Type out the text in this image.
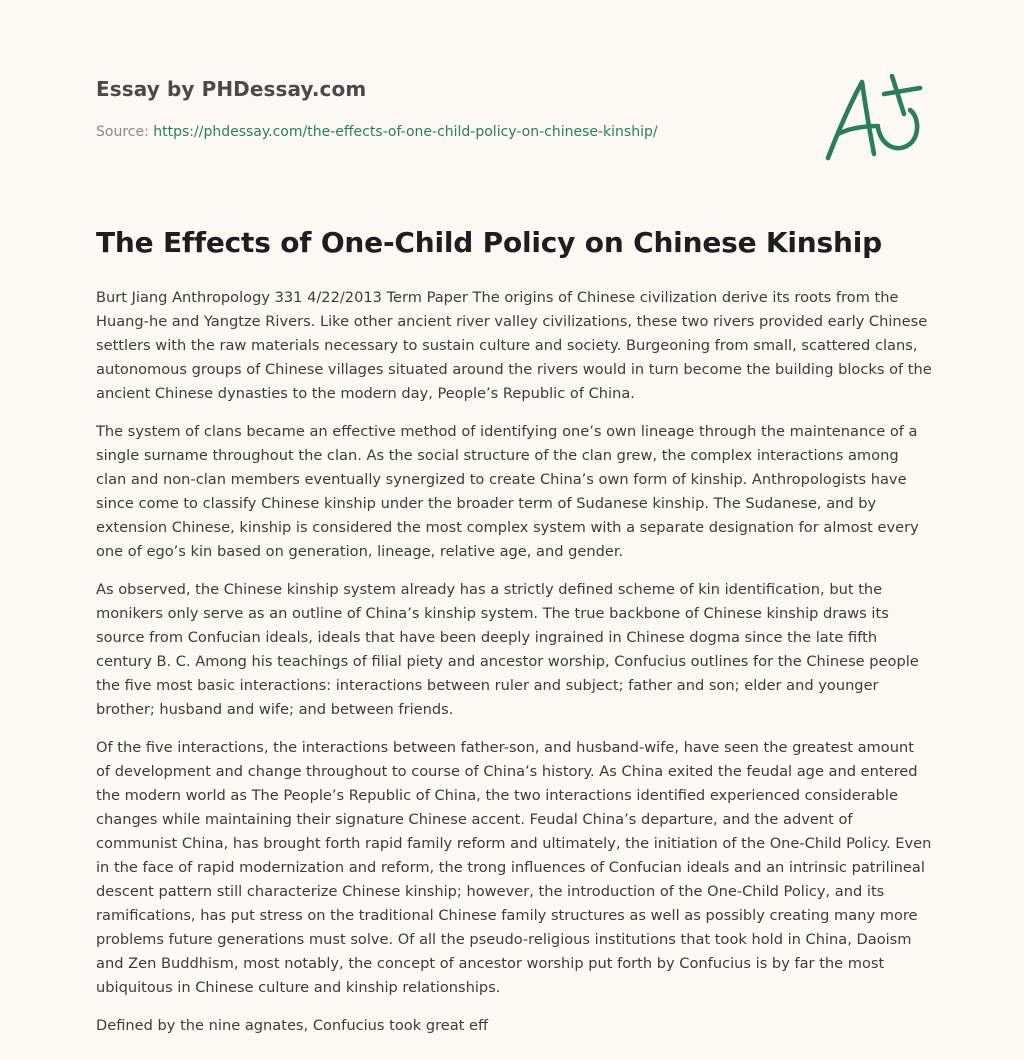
Essay by PHDessay.com

Source: https://phdessay.com/the-effects-of-one-child-policy-on-chinese-kinship/

The Effects of One-Child Policy on Chinese Kinship

Burt Jiang Anthropology 331 4/22/2013 Term Paper The origins of Chinese civilization derive its roots from the Huang-he and Yangtze Rivers. Like other ancient river valley civilizations, these two rivers provided early Chinese settlers with the raw materials necessary to sustain culture and society. Burgeoning from small, scattered clans, autonomous groups of Chinese villages situated around the rivers would in turn become the building blocks of the ancient Chinese dynasties to the modern day, People’s Republic of China.

The system of clans became an effective method of identifying one’s own lineage through the maintenance of a single surname throughout the clan. As the social structure of the clan grew, the complex interactions among clan and non-clan members eventually synergized to create China’s own form of kinship. Anthropologists have since come to classify Chinese kinship under the broader term of Sudanese kinship. The Sudanese, and by extension Chinese, kinship is considered the most complex system with a separate designation for almost every one of ego’s kin based on generation, lineage, relative age, and gender.

As observed, the Chinese kinship system already has a strictly defined scheme of kin identification, but the monikers only serve as an outline of China’s kinship system. The true backbone of Chinese kinship draws its source from Confucian ideals, ideals that have been deeply ingrained in Chinese dogma since the late fifth century B. C. Among his teachings of filial piety and ancestor worship, Confucius outlines for the Chinese people the five most basic interactions: interactions between ruler and subject; father and son; elder and younger brother; husband and wife; and between friends.

Of the five interactions, the interactions between father-son, and husband-wife, have seen the greatest amount of development and change throughout to course of China’s history. As China exited the feudal age and entered the modern world as The People’s Republic of China, the two interactions identified experienced considerable changes while maintaining their signature Chinese accent. Feudal China’s departure, and the advent of communist China, has brought forth rapid family reform and ultimately, the initiation of the One-Child Policy. Even in the face of rapid modernization and reform, the trong influences of Confucian ideals and an intrinsic patrilineal descent pattern still characterize Chinese kinship; however, the introduction of the One-Child Policy, and its ramifications, has put stress on the traditional Chinese family structures as well as possibly creating many more problems future generations must solve. Of all the pseudo-religious institutions that took hold in China, Daoism and Zen Buddhism, most notably, the concept of ancestor worship put forth by Confucius is by far the most ubiquitous in Chinese culture and kinship relationships.

Defined by the nine agnates, Confucius took great eff
